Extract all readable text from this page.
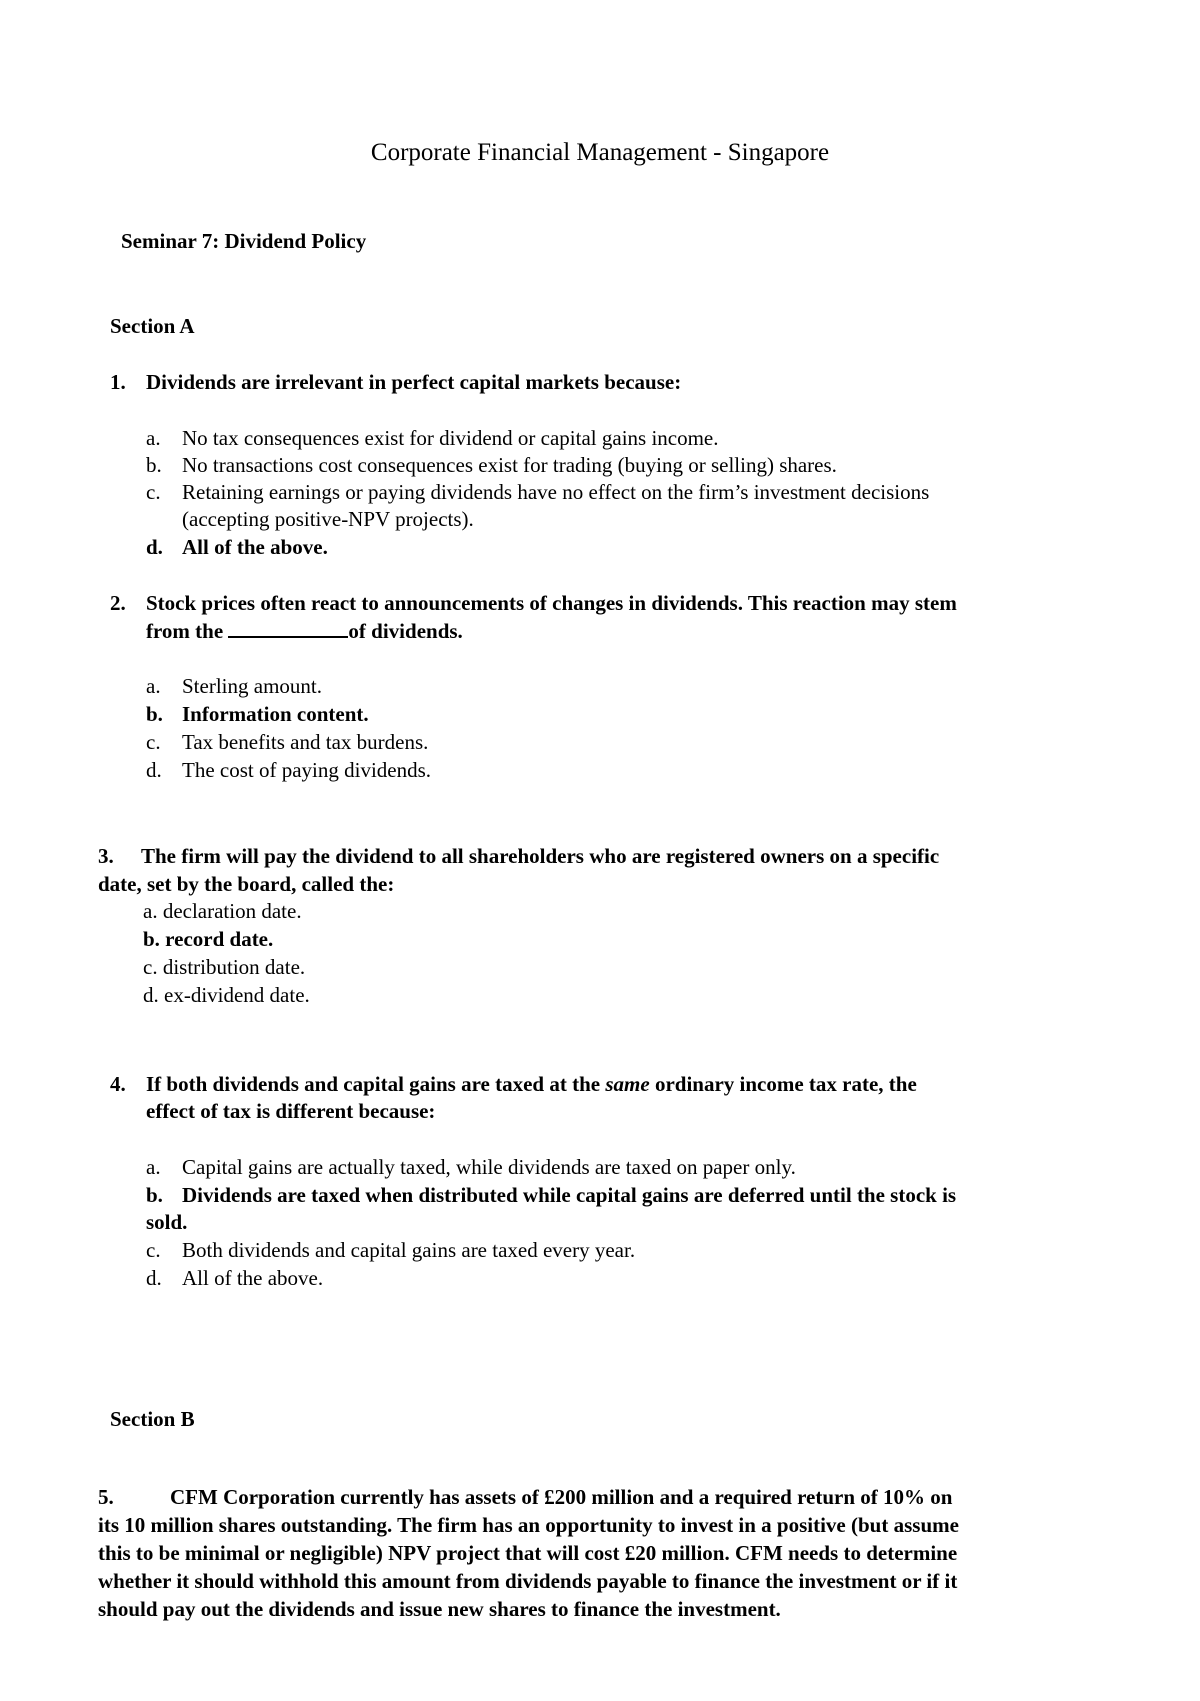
Corporate Financial Management - Singapore
Seminar 7: Dividend Policy
Section A
1. Dividends are irrelevant in perfect capital markets because:
a. No tax consequences exist for dividend or capital gains income.
b. No transactions cost consequences exist for trading (buying or selling) shares.
c. Retaining earnings or paying dividends have no effect on the firm’s investment decisions
(accepting positive-NPV projects).
d. All of the above.
2. Stock prices often react to announcements of changes in dividends. This reaction may stem
from the	of dividends.
a. Sterling amount.
b. Information content.
c. Tax benefits and tax burdens.
d. The cost of paying dividends.
3. The firm will pay the dividend to all shareholders who are registered owners on a specific
date, set by the board, called the:
a. declaration date.
b. record date.
c. distribution date.
d. ex-dividend date.
4. If both dividends and capital gains are taxed at the same ordinary income tax rate, the
effect of tax is different because:
a. Capital gains are actually taxed, while dividends are taxed on paper only.
b. Dividends are taxed when distributed while capital gains are deferred until the stock is
sold.
c. Both dividends and capital gains are taxed every year.
d. All of the above.
Section B
5.	CFM Corporation currently has assets of £200 million and a required return of 10% on
its 10 million shares outstanding. The firm has an opportunity to invest in a positive (but assume
this to be minimal or negligible) NPV project that will cost £20 million. CFM needs to determine
whether it should withhold this amount from dividends payable to finance the investment or if it
should pay out the dividends and issue new shares to finance the investment.
